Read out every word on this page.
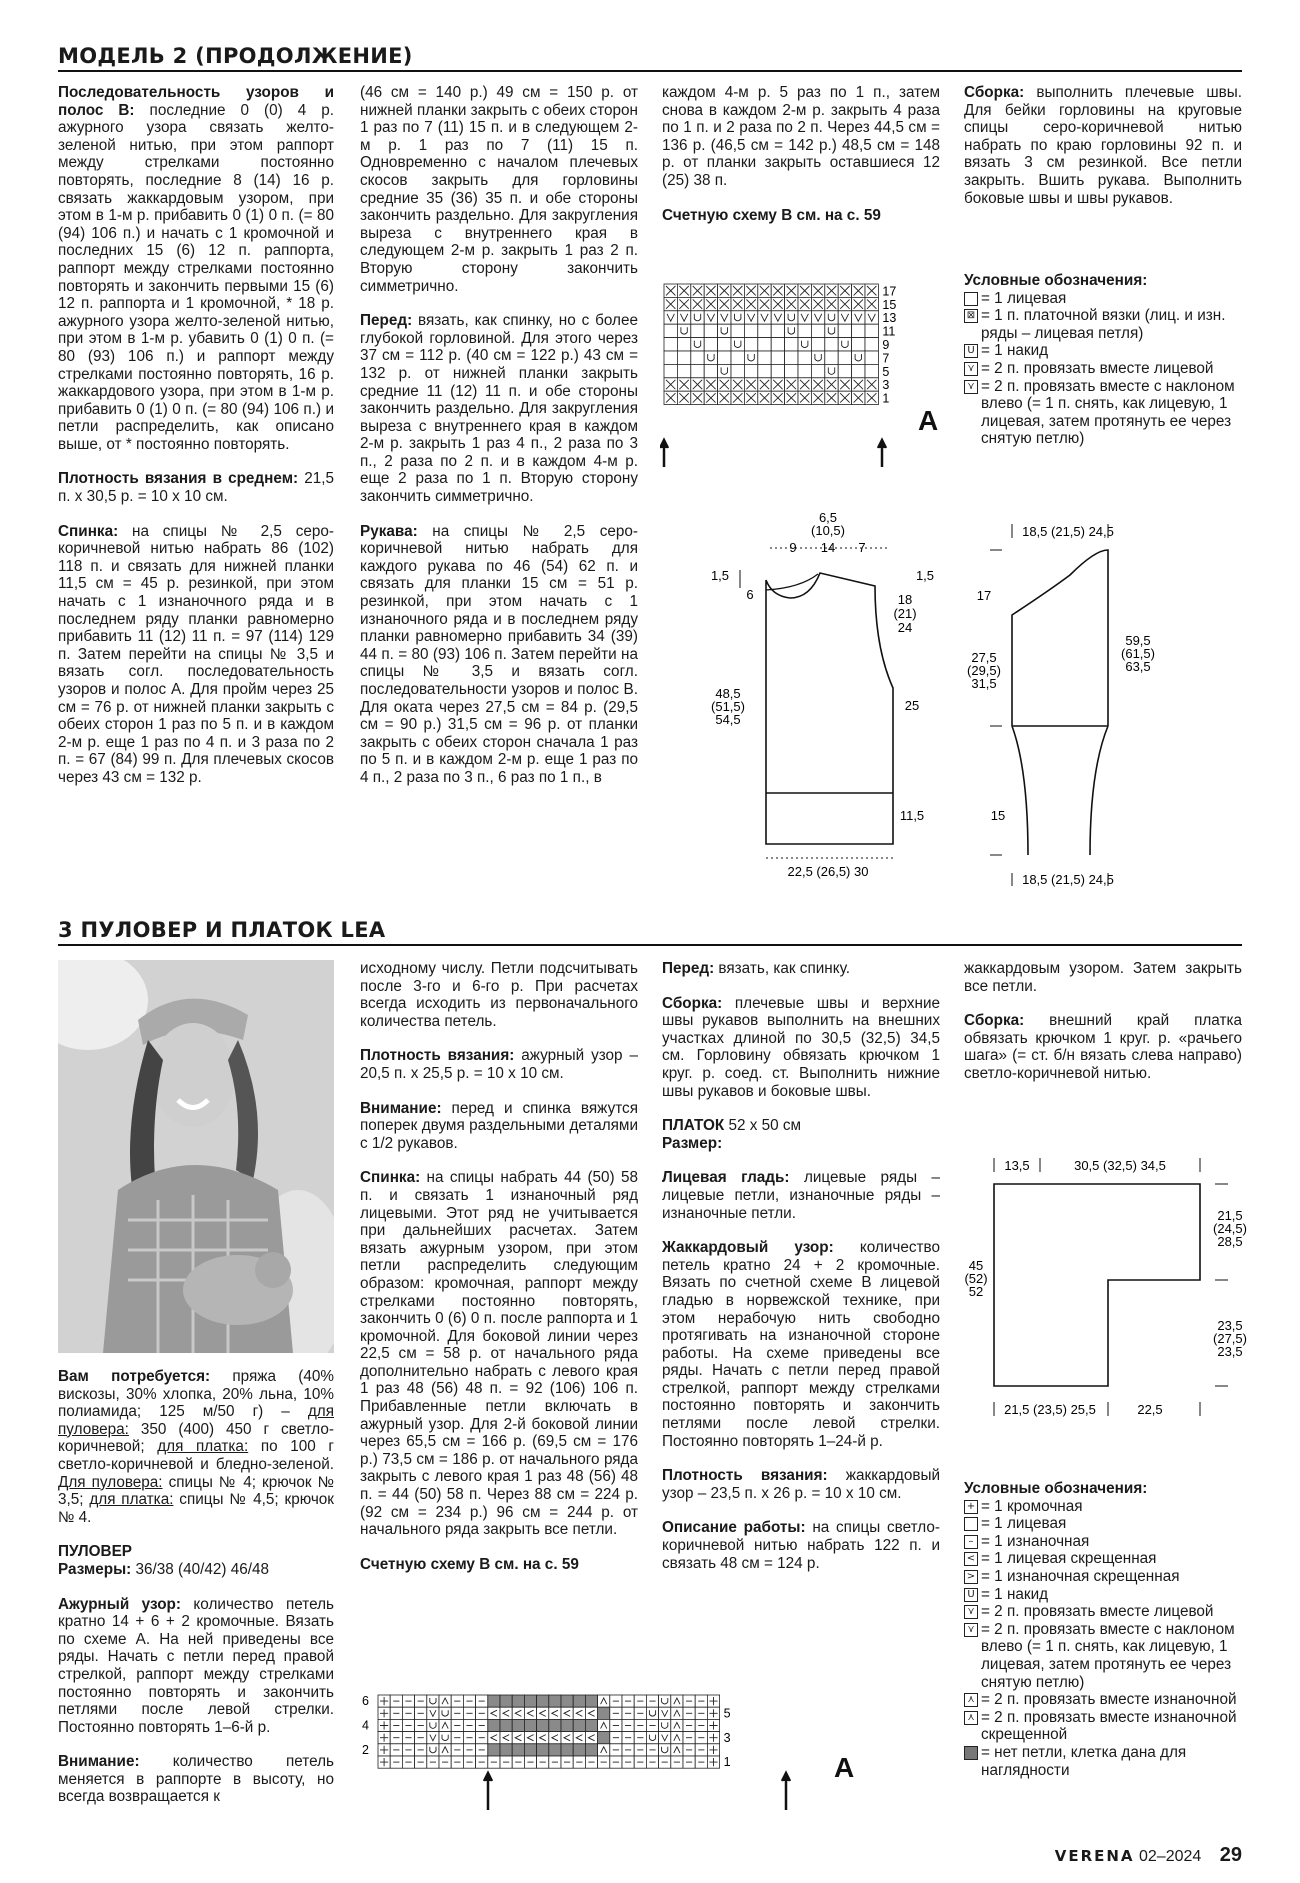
МОДЕЛЬ 2 (ПРОДОЛЖЕНИЕ)

Последовательность узоров и полос В: последние 0 (0) 4 р. ажурного узора связать желто-зеленой нитью, при этом раппорт между стрелками постоянно повторять, последние 8 (14) 16 р. связать жаккардовым узором, при этом в 1-м р. прибавить 0 (1) 0 п. (= 80 (94) 106 п.) и начать с 1 кромочной и последних 15 (6) 12 п. раппорта, раппорт между стрелками постоянно повторять и закончить первыми 15 (6) 12 п. раппорта и 1 кромочной, * 18 р. ажурного узора желто-зеленой нитью, при этом в 1-м р. убавить 0 (1) 0 п. (= 80 (93) 106 п.) и раппорт между стрелками постоянно повторять, 16 р. жаккардового узора, при этом в 1-м р. прибавить 0 (1) 0 п. (= 80 (94) 106 п.) и петли распределить, как описано выше, от * постоянно повторять.

Плотность вязания в среднем: 21,5 п. х 30,5 р. = 10 х 10 см.

Спинка: на спицы № 2,5 серо-коричневой нитью набрать 86 (102) 118 п. и связать для нижней планки 11,5 см = 45 р. резинкой, при этом начать с 1 изнаночного ряда и в последнем ряду планки равномерно прибавить 11 (12) 11 п. = 97 (114) 129 п. Затем перейти на спицы № 3,5 и вязать согл. последовательность узоров и полос А. Для пройм через 25 см = 76 р. от нижней планки закрыть с обеих сторон 1 раз по 5 п. и в каждом 2-м р. еще 1 раз по 4 п. и 3 раза по 2 п. = 67 (84) 99 п. Для плечевых скосов через 43 см = 132 р.

(46 см = 140 р.) 49 см = 150 р. от нижней планки закрыть с обеих сторон 1 раз по 7 (11) 15 п. и в следующем 2-м р. 1 раз по 7 (11) 15 п. Одновременно с началом плечевых скосов закрыть для горловины средние 35 (36) 35 п. и обе стороны закончить раздельно. Для закругления выреза с внутреннего края в следующем 2-м р. закрыть 1 раз 2 п. Вторую сторону закончить симметрично.

Перед: вязать, как спинку, но с более глубокой горловиной. Для этого через 37 см = 112 р. (40 см = 122 р.) 43 см = 132 р. от нижней планки закрыть средние 11 (12) 11 п. и обе стороны закончить раздельно. Для закругления выреза с внутреннего края в каждом 2-м р. закрыть 1 раз 4 п., 2 раза по 3 п., 2 раза по 2 п. и в каждом 4-м р. еще 2 раза по 1 п. Вторую сторону закончить симметрично.

Рукава: на спицы № 2,5 серо-коричневой нитью набрать для каждого рукава по 46 (54) 62 п. и связать для планки 15 см = 51 р. резинкой, при этом начать с 1 изнаночного ряда и в последнем ряду планки равномерно прибавить 34 (39) 44 п. = 80 (93) 106 п. Затем перейти на спицы № 3,5 и вязать согл. последовательности узоров и полос В. Для оката через 27,5 см = 84 р. (29,5 см = 90 р.) 31,5 см = 96 р. от планки закрыть с обеих сторон сначала 1 раз по 5 п. и в каждом 2-м р. еще 1 раз по 4 п., 2 раза по 3 п., 6 раз по 1 п., в

каждом 4-м р. 5 раз по 1 п., затем снова в каждом 2-м р. закрыть 4 раза по 1 п. и 2 раза по 2 п. Через 44,5 см = 136 р. (46,5 см = 142 р.) 48,5 см = 148 р. от планки закрыть оставшиеся 12 (25) 38 п.

Счетную схему В см. на с. 59

Сборка: выполнить плечевые швы. Для бейки горловины на круговые спицы серо-коричневой нитью набрать по краю горловины 92 п. и вязать 3 см резинкой. Все петли закрыть. Вшить рукава. Выполнить боковые швы и швы рукавов.

Условные обозначения:
= 1 лицевая
⊠ = 1 п. платочной вязки (лиц. и изн. ряды – лицевая петля)
U = 1 накид
⋎ = 2 п. провязать вместе лицевой
⋎ = 2 п. провязать вместе с наклоном влево (= 1 п. снять, как лицевую, 1 лицевая, затем протянуть ее через снятую петлю)
17
15
13
11
9
7
5
3
1
A
6,5
(10,5)
9 14 7
1,5	1,5
6	18
(21)
24
48,5
(51,5)
54,5
25
11,5
22,5 (26,5) 30
18,5 (21,5) 24,5
17
27,5
(29,5)
31,5
59,5
(61,5)
63,5
15
18,5 (21,5) 24,5
3 ПУЛОВЕР И ПЛАТОК LEA

Вам потребуется: пряжа (40% вискозы, 30% хлопка, 20% льна, 10% полиамида; 125 м/50 г) – для пуловера: 350 (400) 450 г светло-коричневой; для платка: по 100 г светло-коричневой и бледно-зеленой. Для пуловера: спицы № 4; крючок № 3,5; для платка: спицы № 4,5; крючок № 4.

ПУЛОВЕР

Размеры: 36/38 (40/42) 46/48

Ажурный узор: количество петель кратно 14 + 6 + 2 кромочные. Вязать по схеме А. На ней приведены все ряды. Начать с петли перед правой стрелкой, раппорт между стрелками постоянно повторять и закончить петлями после левой стрелки. Постоянно повторять 1–6-й р.

Внимание: количество петель меняется в раппорте в высоту, но всегда возвращается к

исходному числу. Петли подсчитывать после 3-го и 6-го р. При расчетах всегда исходить из первоначального количества петель.

Плотность вязания: ажурный узор – 20,5 п. х 25,5 р. = 10 х 10 см.

Внимание: перед и спинка вяжутся поперек двумя раздельными деталями с 1/2 рукавов.

Спинка: на спицы набрать 44 (50) 58 п. и связать 1 изнаночный ряд лицевыми. Этот ряд не учитывается при дальнейших расчетах. Затем вязать ажурным узором, при этом петли распределить следующим образом: кромочная, раппорт между стрелками постоянно повторять, закончить 0 (6) 0 п. после раппорта и 1 кромочной. Для боковой линии через 22,5 см = 58 р. от начального ряда дополнительно набрать с левого края 1 раз 48 (56) 48 п. = 92 (106) 106 п. Прибавленные петли включать в ажурный узор. Для 2-й боковой линии через 65,5 см = 166 р. (69,5 см = 176 р.) 73,5 см = 186 р. от начального ряда закрыть с левого края 1 раз 48 (56) 48 п. = 44 (50) 58 п. Через 88 см = 224 р. (92 см = 234 р.) 96 см = 244 р. от начального ряда закрыть все петли.

Счетную схему В см. на с. 59

Перед: вязать, как спинку.

Сборка: плечевые швы и верхние швы рукавов выполнить на внешних участках длиной по 30,5 (32,5) 34,5 см. Горловину обвязать крючком 1 круг. р. соед. ст. Выполнить нижние швы рукавов и боковые швы.

ПЛАТОК 52 х 50 см
Размер:

Лицевая гладь: лицевые ряды – лицевые петли, изнаночные ряды – изнаночные петли.

Жаккардовый узор: количество петель кратно 24 + 2 кромочные. Вязать по счетной схеме В лицевой гладью в норвежской технике, при этом нерабочую нить свободно протягивать на изнаночной стороне работы. На схеме приведены все ряды. Начать с петли перед правой стрелкой, раппорт между стрелками постоянно повторять и закончить петлями после левой стрелки. Постоянно повторять 1–24-й р.

Плотность вязания: жаккардовый узор – 23,5 п. х 26 р. = 10 х 10 см.

Описание работы: на спицы светло-коричневой нитью набрать 122 п. и связать 48 см = 124 р.

жаккардовым узором. Затем закрыть все петли.

Сборка: внешний край платка обвязать крючком 1 круг. р. «рачьего шага» (= ст. б/н вязать слева направо) светло-коричневой нитью.

13,5	30,5 (32,5) 34,5
21,5
(24,5)
28,5
45
(52)
52
23,5
(27,5)
23,5
21,5 (23,5) 25,5	22,5
Условные обозначения:
+ = 1 кромочная
= 1 лицевая
– = 1 изнаночная
< = 1 лицевая скрещенная
> = 1 изнаночная скрещенная
U = 1 накид
⋎ = 2 п. провязать вместе лицевой
⋎ = 2 п. провязать вместе с наклоном влево (= 1 п. снять, как лицевую, 1 лицевая, затем протянуть ее через снятую петлю)
⋏ = 2 п. провязать вместе изнаночной
⋏ = 2 п. провязать вместе изнаночной скрещенной
= нет петли, клетка дана для наглядности
6
4
2
5
3
1	A
VERENA 02–2024 29
